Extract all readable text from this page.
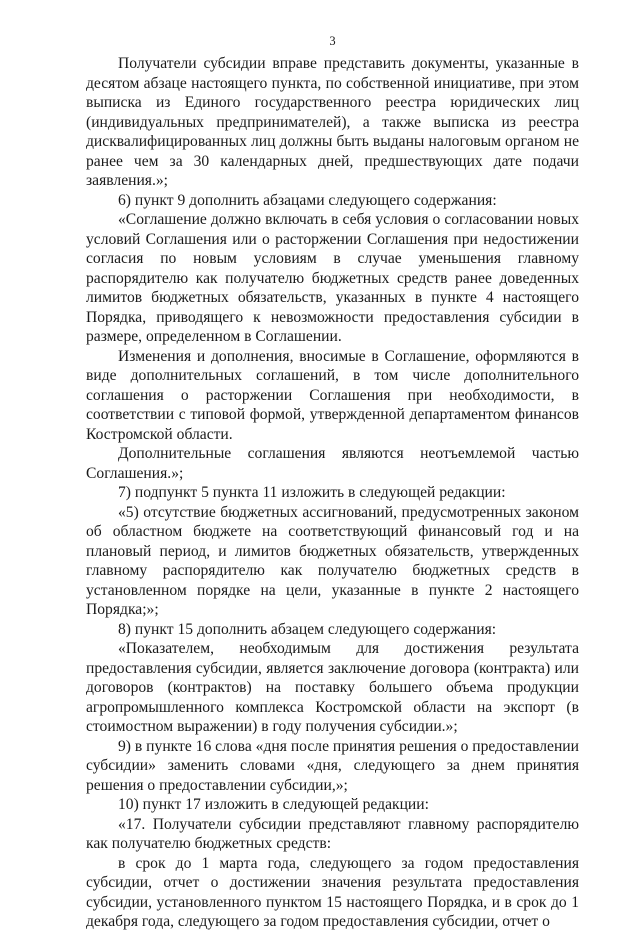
3

Получатели субсидии вправе представить документы, указанные в десятом абзаце настоящего пункта, по собственной инициативе, при этом выписка из Единого государственного реестра юридических лиц (индивидуальных предпринимателей), а также выписка из реестра дисквалифицированных лиц должны быть выданы налоговым органом не ранее чем за 30 календарных дней, предшествующих дате подачи заявления.»;

6) пункт 9 дополнить абзацами следующего содержания:

«Соглашение должно включать в себя условия о согласовании новых условий Соглашения или о расторжении Соглашения при недостижении согласия по новым условиям в случае уменьшения главному распорядителю как получателю бюджетных средств ранее доведенных лимитов бюджетных обязательств, указанных в пункте 4 настоящего Порядка, приводящего к невозможности предоставления субсидии в размере, определенном в Соглашении.

Изменения и дополнения, вносимые в Соглашение, оформляются в виде дополнительных соглашений, в том числе дополнительного соглашения о расторжении Соглашения при необходимости, в соответствии с типовой формой, утвержденной департаментом финансов Костромской области.

Дополнительные соглашения являются неотъемлемой частью Соглашения.»;

7) подпункт 5 пункта 11 изложить в следующей редакции:

«5) отсутствие бюджетных ассигнований, предусмотренных законом об областном бюджете на соответствующий финансовый год и на плановый период, и лимитов бюджетных обязательств, утвержденных главному распорядителю как получателю бюджетных средств в установленном порядке на цели, указанные в пункте 2 настоящего Порядка;»;

8) пункт 15 дополнить абзацем следующего содержания:

«Показателем, необходимым для достижения результата предоставления субсидии, является заключение договора (контракта) или договоров (контрактов) на поставку большего объема продукции агропромышленного комплекса Костромской области на экспорт (в стоимостном выражении) в году получения субсидии.»;

9) в пункте 16 слова «дня после принятия решения о предоставлении субсидии» заменить словами «дня, следующего за днем принятия решения о предоставлении субсидии,»;

10) пункт 17 изложить в следующей редакции:

«17. Получатели субсидии представляют главному распорядителю как получателю бюджетных средств:

в срок до 1 марта года, следующего за годом предоставления субсидии, отчет о достижении значения результата предоставления субсидии, установленного пунктом 15 настоящего Порядка, и в срок до 1 декабря года, следующего за годом предоставления субсидии, отчет о
